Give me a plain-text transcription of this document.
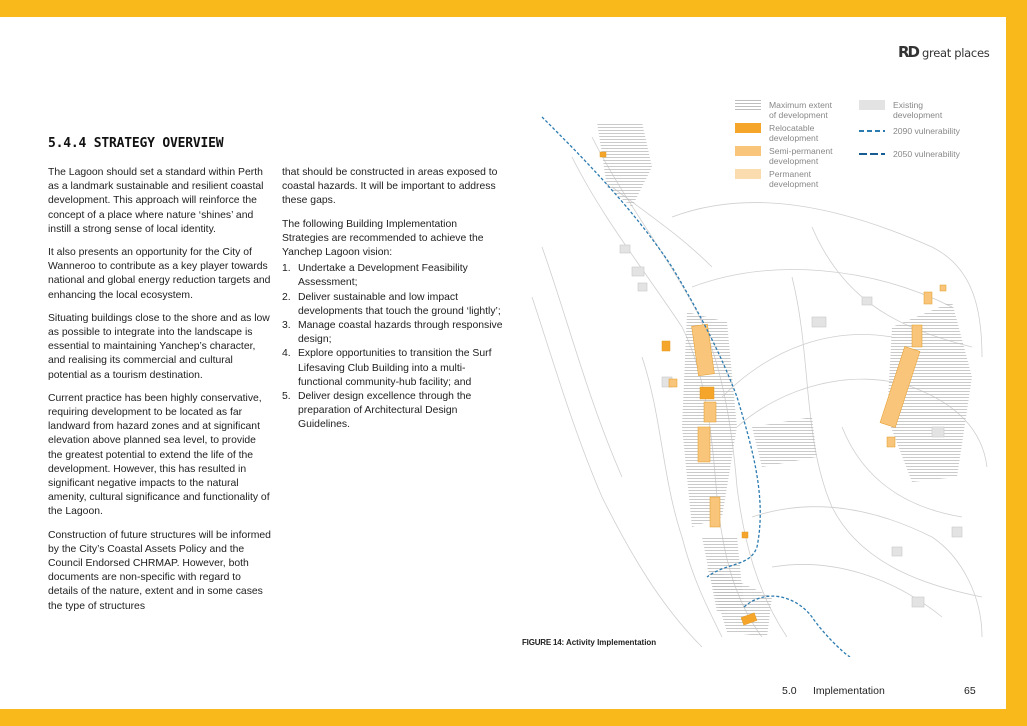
RD great places
5.4.4 STRATEGY OVERVIEW

The Lagoon should set a standard within Perth as a landmark sustainable and resilient coastal development. This approach will reinforce the concept of a place where nature ‘shines’ and instill a strong sense of local identity.

It also presents an opportunity for the City of Wanneroo to contribute as a key player towards national and global energy reduction targets and enhancing the local ecosystem.

Situating buildings close to the shore and as low as possible to integrate into the landscape is essential to maintaining Yanchep’s character, and realising its commercial and cultural potential as a tourism destination.

Current practice has been highly conservative, requiring development to be located as far landward from hazard zones and at significant elevation above planned sea level, to provide the greatest potential to extend the life of the development. However, this has resulted in significant negative impacts to the natural amenity, cultural significance and functionality of the Lagoon.

Construction of future structures will be informed by the City’s Coastal Assets Policy and the Council Endorsed CHRMAP. However, both documents are non-specific with regard to details of the nature, extent and in some cases the type of structures

that should be constructed in areas exposed to coastal hazards. It will be important to address these gaps.

The following Building Implementation Strategies are recommended to achieve the Yanchep Lagoon vision:

1. Undertake a Development Feasibility Assessment;
2. Deliver sustainable and low impact developments that touch the ground ‘lightly’;
3. Manage coastal hazards through responsive design;
4. Explore opportunities to transition the Surf Lifesaving Club Building into a multi-functional community-hub facility; and
5. Deliver design excellence through the preparation of Architectural Design Guidelines.
Maximum extent of development
Relocatable development
Semi-permanent development
Permanent development
Existing development
2090 vulnerability
2050 vulnerability
FIGURE 14: Activity Implementation
5.0 Implementation	65
